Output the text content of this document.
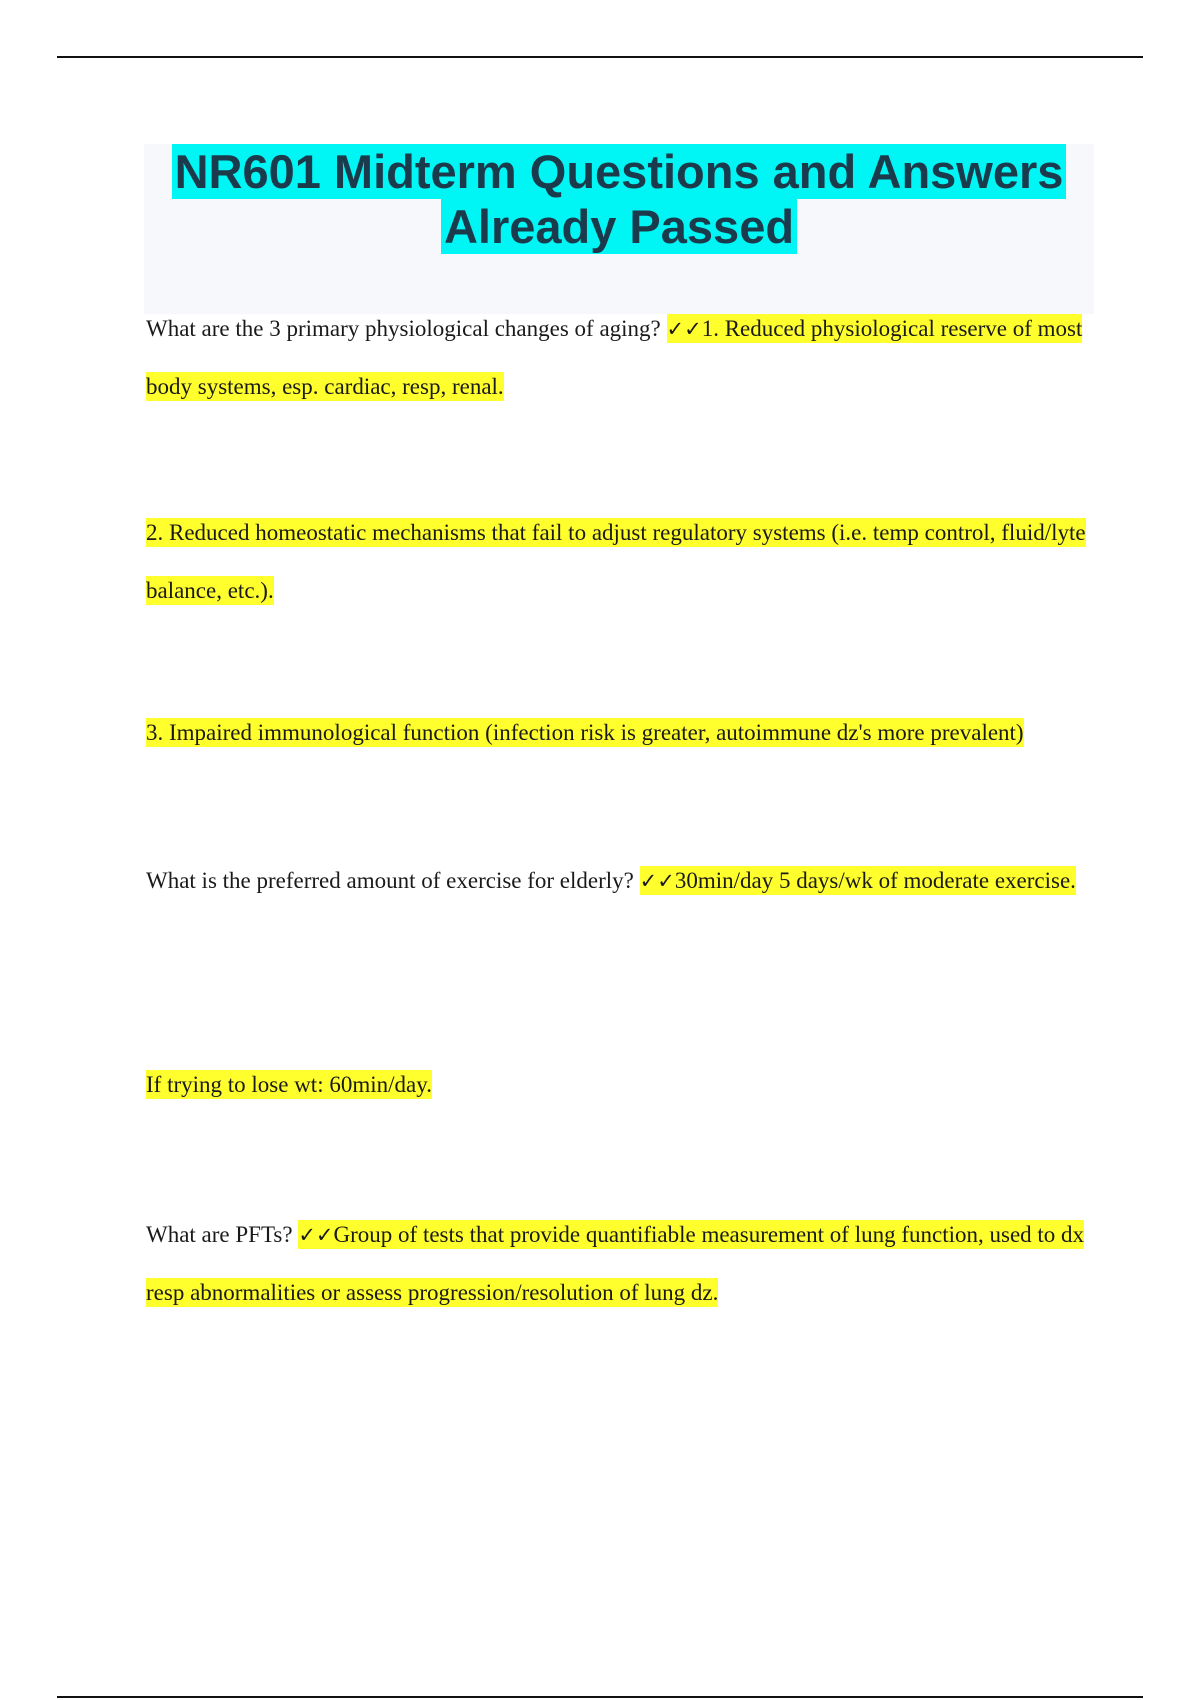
NR601 Midterm Questions and Answers
Already Passed

What are the 3 primary physiological changes of aging? ✓✓1. Reduced physiological reserve of most body systems, esp. cardiac, resp, renal.

2. Reduced homeostatic mechanisms that fail to adjust regulatory systems (i.e. temp control, fluid/lyte balance, etc.).

3. Impaired immunological function (infection risk is greater, autoimmune dz's more prevalent)

What is the preferred amount of exercise for elderly? ✓✓30min/day 5 days/wk of moderate exercise.

If trying to lose wt: 60min/day.

What are PFTs? ✓✓Group of tests that provide quantifiable measurement of lung function, used to dx resp abnormalities or assess progression/resolution of lung dz.
